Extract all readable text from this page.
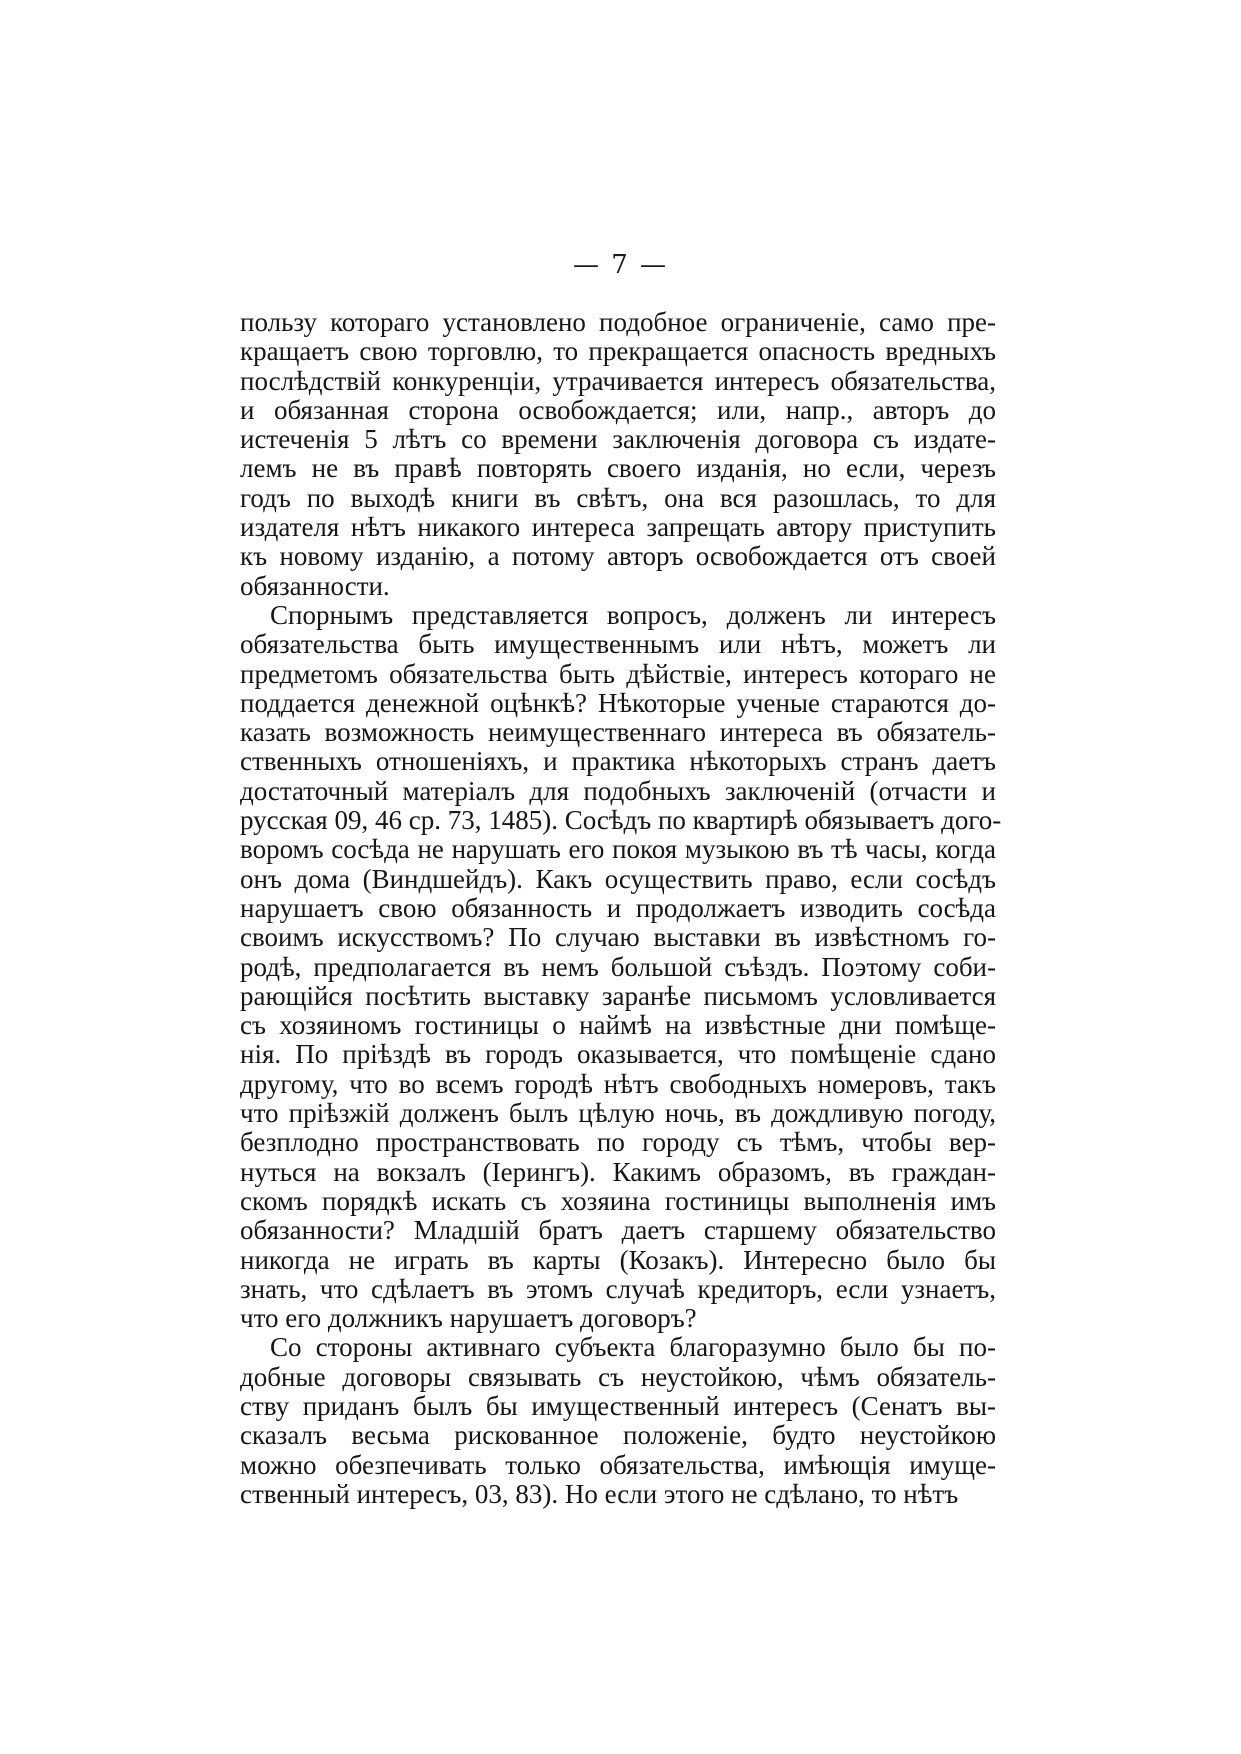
— 7 —
пользу котораго установлено подобное ограниченіе, само пре-
кращаетъ свою торговлю, то прекращается опасность вредныхъ
послѣдствій конкуренціи, утрачивается интересъ обязательства,
и обязанная сторона освобождается; или, напр., авторъ до
истеченія 5 лѣтъ со времени заключенія договора съ издате-
лемъ не въ правѣ повторять своего изданія, но если, черезъ
годъ по выходѣ книги въ свѣтъ, она вся разошлась, то для
издателя нѣтъ никакого интереса запрещать автору приступить
къ новому изданію, а потому авторъ освобождается отъ своей
обязанности.
Спорнымъ представляется вопросъ, долженъ ли интересъ
обязательства быть имущественнымъ или нѣтъ, можетъ ли
предметомъ обязательства быть дѣйствіе, интересъ котораго не
поддается денежной оцѣнкѣ? Нѣкоторые ученые стараются до-
казать возможность неимущественнаго интереса въ обязатель-
ственныхъ отношеніяхъ, и практика нѣкоторыхъ странъ даетъ
достаточный матеріалъ для подобныхъ заключеній (отчасти и
русская 09, 46 ср. 73, 1485). Сосѣдъ по квартирѣ обязываетъ дого-
воромъ сосѣда не нарушать его покоя музыкою въ тѣ часы, когда
онъ дома (Виндшейдъ). Какъ осуществить право, если сосѣдъ
нарушаетъ свою обязанность и продолжаетъ изводить сосѣда
своимъ искусствомъ? По случаю выставки въ извѣстномъ го-
родѣ, предполагается въ немъ большой съѣздъ. Поэтому соби-
рающійся посѣтить выставку заранѣе письмомъ условливается
съ хозяиномъ гостиницы о наймѣ на извѣстные дни помѣще-
нія. По пріѣздѣ въ городъ оказывается, что помѣщеніе сдано
другому, что во всемъ городѣ нѣтъ свободныхъ номеровъ, такъ
что пріѣзжій долженъ былъ цѣлую ночь, въ дождливую погоду,
безплодно пространствовать по городу съ тѣмъ, чтобы вер-
нуться на вокзалъ (Іерингъ). Какимъ образомъ, въ граждан-
скомъ порядкѣ искать съ хозяина гостиницы выполненія имъ
обязанности? Младшій братъ даетъ старшему обязательство
никогда не играть въ карты (Козакъ). Интересно было бы
знать, что сдѣлаетъ въ этомъ случаѣ кредиторъ, если узнаетъ,
что его должникъ нарушаетъ договоръ?
Со стороны активнаго субъекта благоразумно было бы по-
добные договоры связывать съ неустойкою, чѣмъ обязатель-
ству приданъ былъ бы имущественный интересъ (Сенатъ вы-
сказалъ весьма рискованное положеніе, будто неустойкою
можно обезпечивать только обязательства, имѣющія имуще-
ственный интересъ, 03, 83). Но если этого не сдѣлано, то нѣтъ
